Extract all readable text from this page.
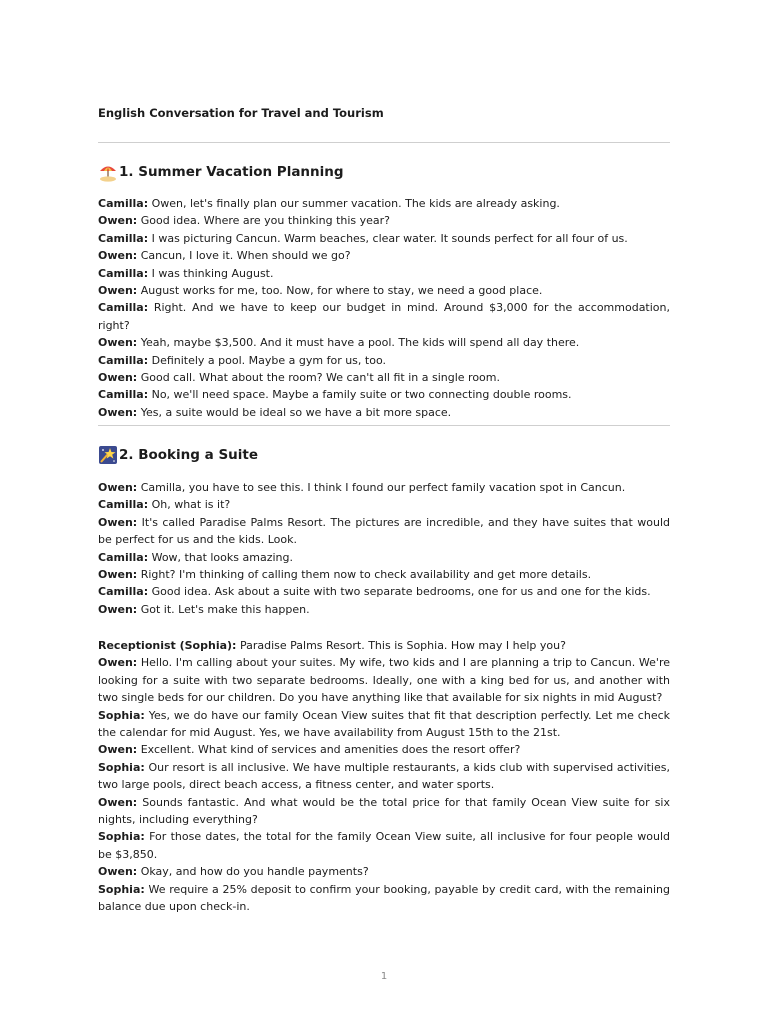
English Conversation for Travel and Tourism
1. Summer Vacation Planning

Camilla: Owen, let's finally plan our summer vacation. The kids are already asking.

Owen: Good idea. Where are you thinking this year?

Camilla: I was picturing Cancun. Warm beaches, clear water. It sounds perfect for all four of us.

Owen: Cancun, I love it. When should we go?

Camilla: I was thinking August.

Owen: August works for me, too. Now, for where to stay, we need a good place.

Camilla: Right. And we have to keep our budget in mind. Around $3,000 for the accommodation, right?

Owen: Yeah, maybe $3,500. And it must have a pool. The kids will spend all day there.

Camilla: Definitely a pool. Maybe a gym for us, too.

Owen: Good call. What about the room? We can't all fit in a single room.

Camilla: No, we'll need space. Maybe a family suite or two connecting double rooms.

Owen: Yes, a suite would be ideal so we have a bit more space.

2. Booking a Suite

Owen: Camilla, you have to see this. I think I found our perfect family vacation spot in Cancun.

Camilla: Oh, what is it?

Owen: It's called Paradise Palms Resort. The pictures are incredible, and they have suites that would be perfect for us and the kids. Look.

Camilla: Wow, that looks amazing.

Owen: Right? I'm thinking of calling them now to check availability and get more details.

Camilla: Good idea. Ask about a suite with two separate bedrooms, one for us and one for the kids.

Owen: Got it. Let's make this happen.

Receptionist (Sophia): Paradise Palms Resort. This is Sophia. How may I help you?

Owen: Hello. I'm calling about your suites. My wife, two kids and I are planning a trip to Cancun. We're looking for a suite with two separate bedrooms. Ideally, one with a king bed for us, and another with two single beds for our children. Do you have anything like that available for six nights in mid August?

Sophia: Yes, we do have our family Ocean View suites that fit that description perfectly. Let me check the calendar for mid August. Yes, we have availability from August 15th to the 21st.

Owen: Excellent. What kind of services and amenities does the resort offer?

Sophia: Our resort is all inclusive. We have multiple restaurants, a kids club with supervised activities, two large pools, direct beach access, a fitness center, and water sports.

Owen: Sounds fantastic. And what would be the total price for that family Ocean View suite for six nights, including everything?

Sophia: For those dates, the total for the family Ocean View suite, all inclusive for four people would be $3,850.

Owen: Okay, and how do you handle payments?

Sophia: We require a 25% deposit to confirm your booking, payable by credit card, with the remaining balance due upon check-in.

1
